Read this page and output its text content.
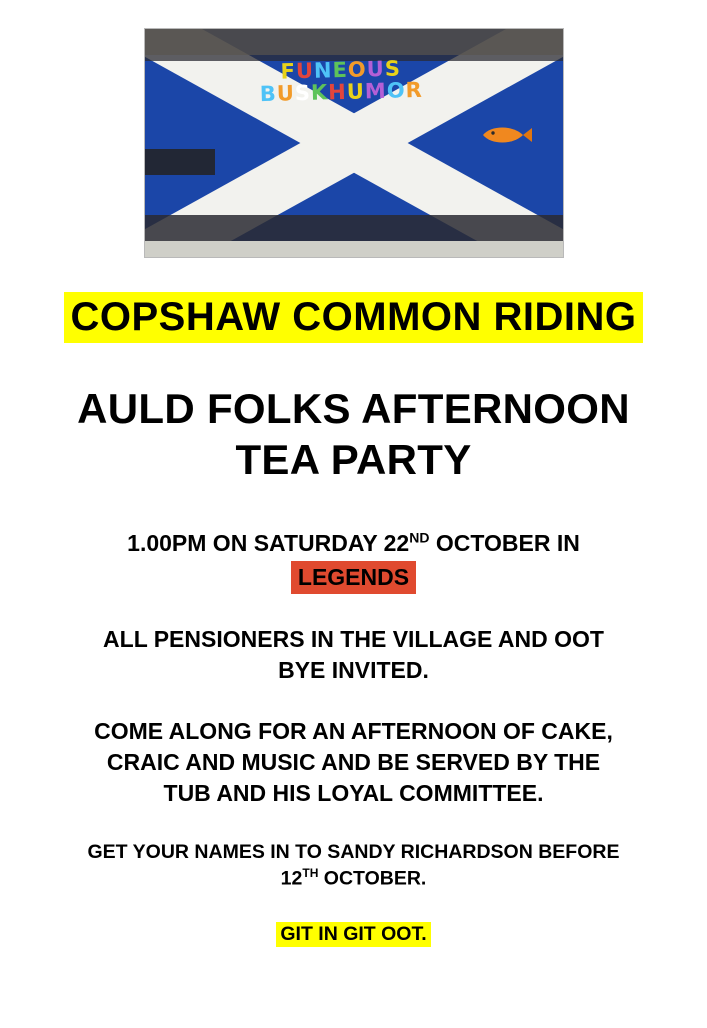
FUNEOUS
BUSKHUMOR
COPSHAW COMMON RIDING
AULD FOLKS AFTERNOON
TEA PARTY
1.00PM ON SATURDAY 22ND OCTOBER IN
LEGENDS
ALL PENSIONERS IN THE VILLAGE AND OOT
BYE INVITED.
COME ALONG FOR AN AFTERNOON OF CAKE,
CRAIC AND MUSIC AND BE SERVED BY THE
TUB AND HIS LOYAL COMMITTEE.
GET YOUR NAMES IN TO SANDY RICHARDSON BEFORE
12TH OCTOBER.
GIT IN GIT OOT.
